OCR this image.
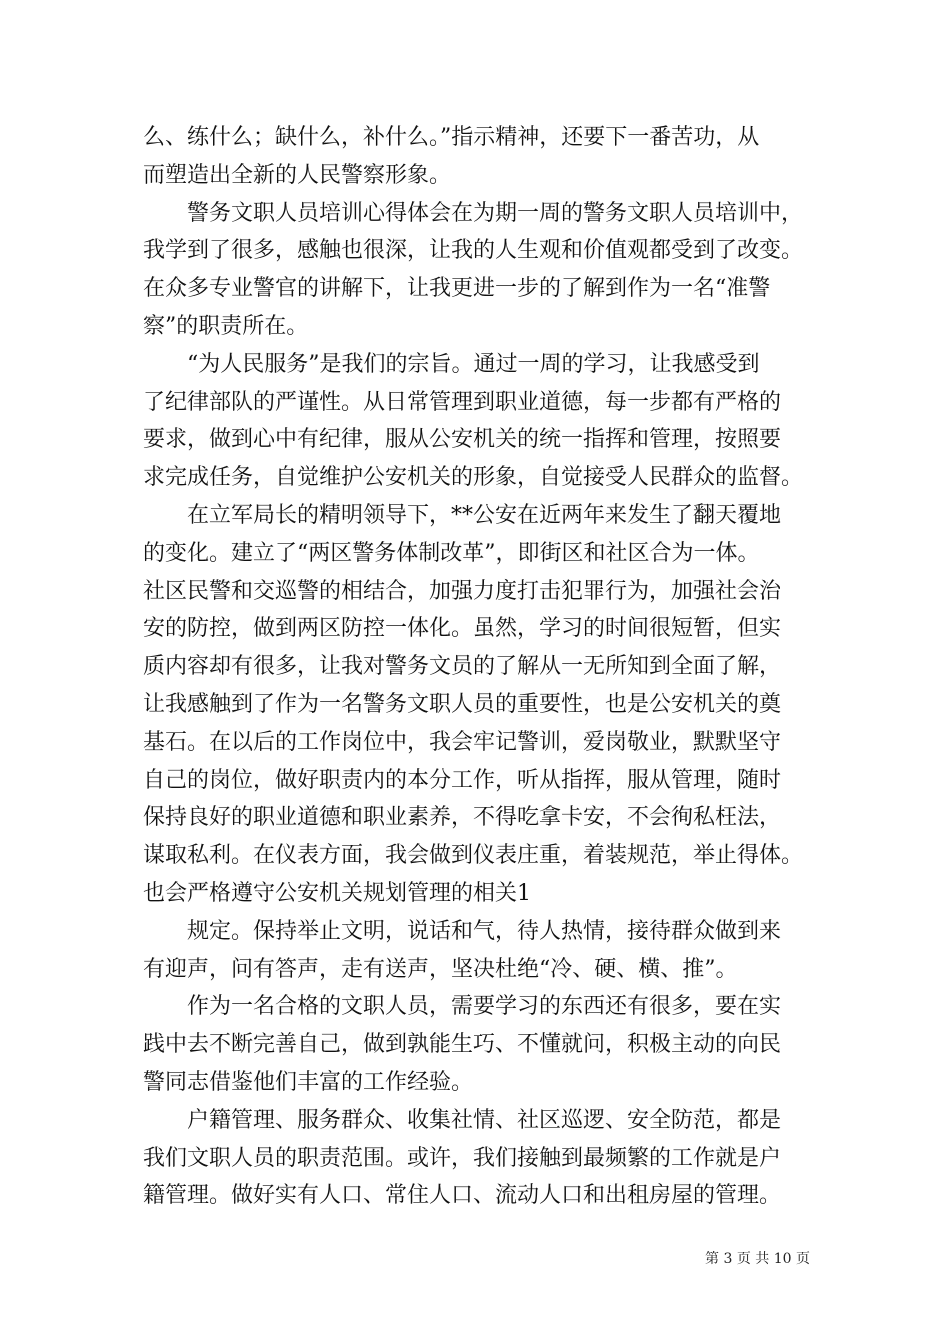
么、练什么；缺什么，补什么。”指示精神，还要下一番苦功，从
而塑造出全新的人民警察形象。
警务文职人员培训心得体会在为期一周的警务文职人员培训中，
我学到了很多，感触也很深，让我的人生观和价值观都受到了改变。
在众多专业警官的讲解下，让我更进一步的了解到作为一名“准警
察”的职责所在。
“为人民服务”是我们的宗旨。通过一周的学习，让我感受到
了纪律部队的严谨性。从日常管理到职业道德，每一步都有严格的
要求，做到心中有纪律，服从公安机关的统一指挥和管理，按照要
求完成任务，自觉维护公安机关的形象，自觉接受人民群众的监督。
在立军局长的精明领导下，**公安在近两年来发生了翻天覆地
的变化。建立了“两区警务体制改革”，即街区和社区合为一体。
社区民警和交巡警的相结合，加强力度打击犯罪行为，加强社会治
安的防控，做到两区防控一体化。虽然，学习的时间很短暂，但实
质内容却有很多，让我对警务文员的了解从一无所知到全面了解，
让我感触到了作为一名警务文职人员的重要性，也是公安机关的奠
基石。在以后的工作岗位中，我会牢记警训，爱岗敬业，默默坚守
自己的岗位，做好职责内的本分工作，听从指挥，服从管理，随时
保持良好的职业道德和职业素养，不得吃拿卡安，不会徇私枉法，
谋取私利。在仪表方面，我会做到仪表庄重，着装规范，举止得体。
也会严格遵守公安机关规划管理的相关1
规定。保持举止文明，说话和气，待人热情，接待群众做到来
有迎声，问有答声，走有送声，坚决杜绝“冷、硬、横、推”。
作为一名合格的文职人员，需要学习的东西还有很多，要在实
践中去不断完善自己，做到孰能生巧、不懂就问，积极主动的向民
警同志借鉴他们丰富的工作经验。
户籍管理、服务群众、收集社情、社区巡逻、安全防范，都是
我们文职人员的职责范围。或许，我们接触到最频繁的工作就是户
籍管理。做好实有人口、常住人口、流动人口和出租房屋的管理。
第 3 页 共 10 页
